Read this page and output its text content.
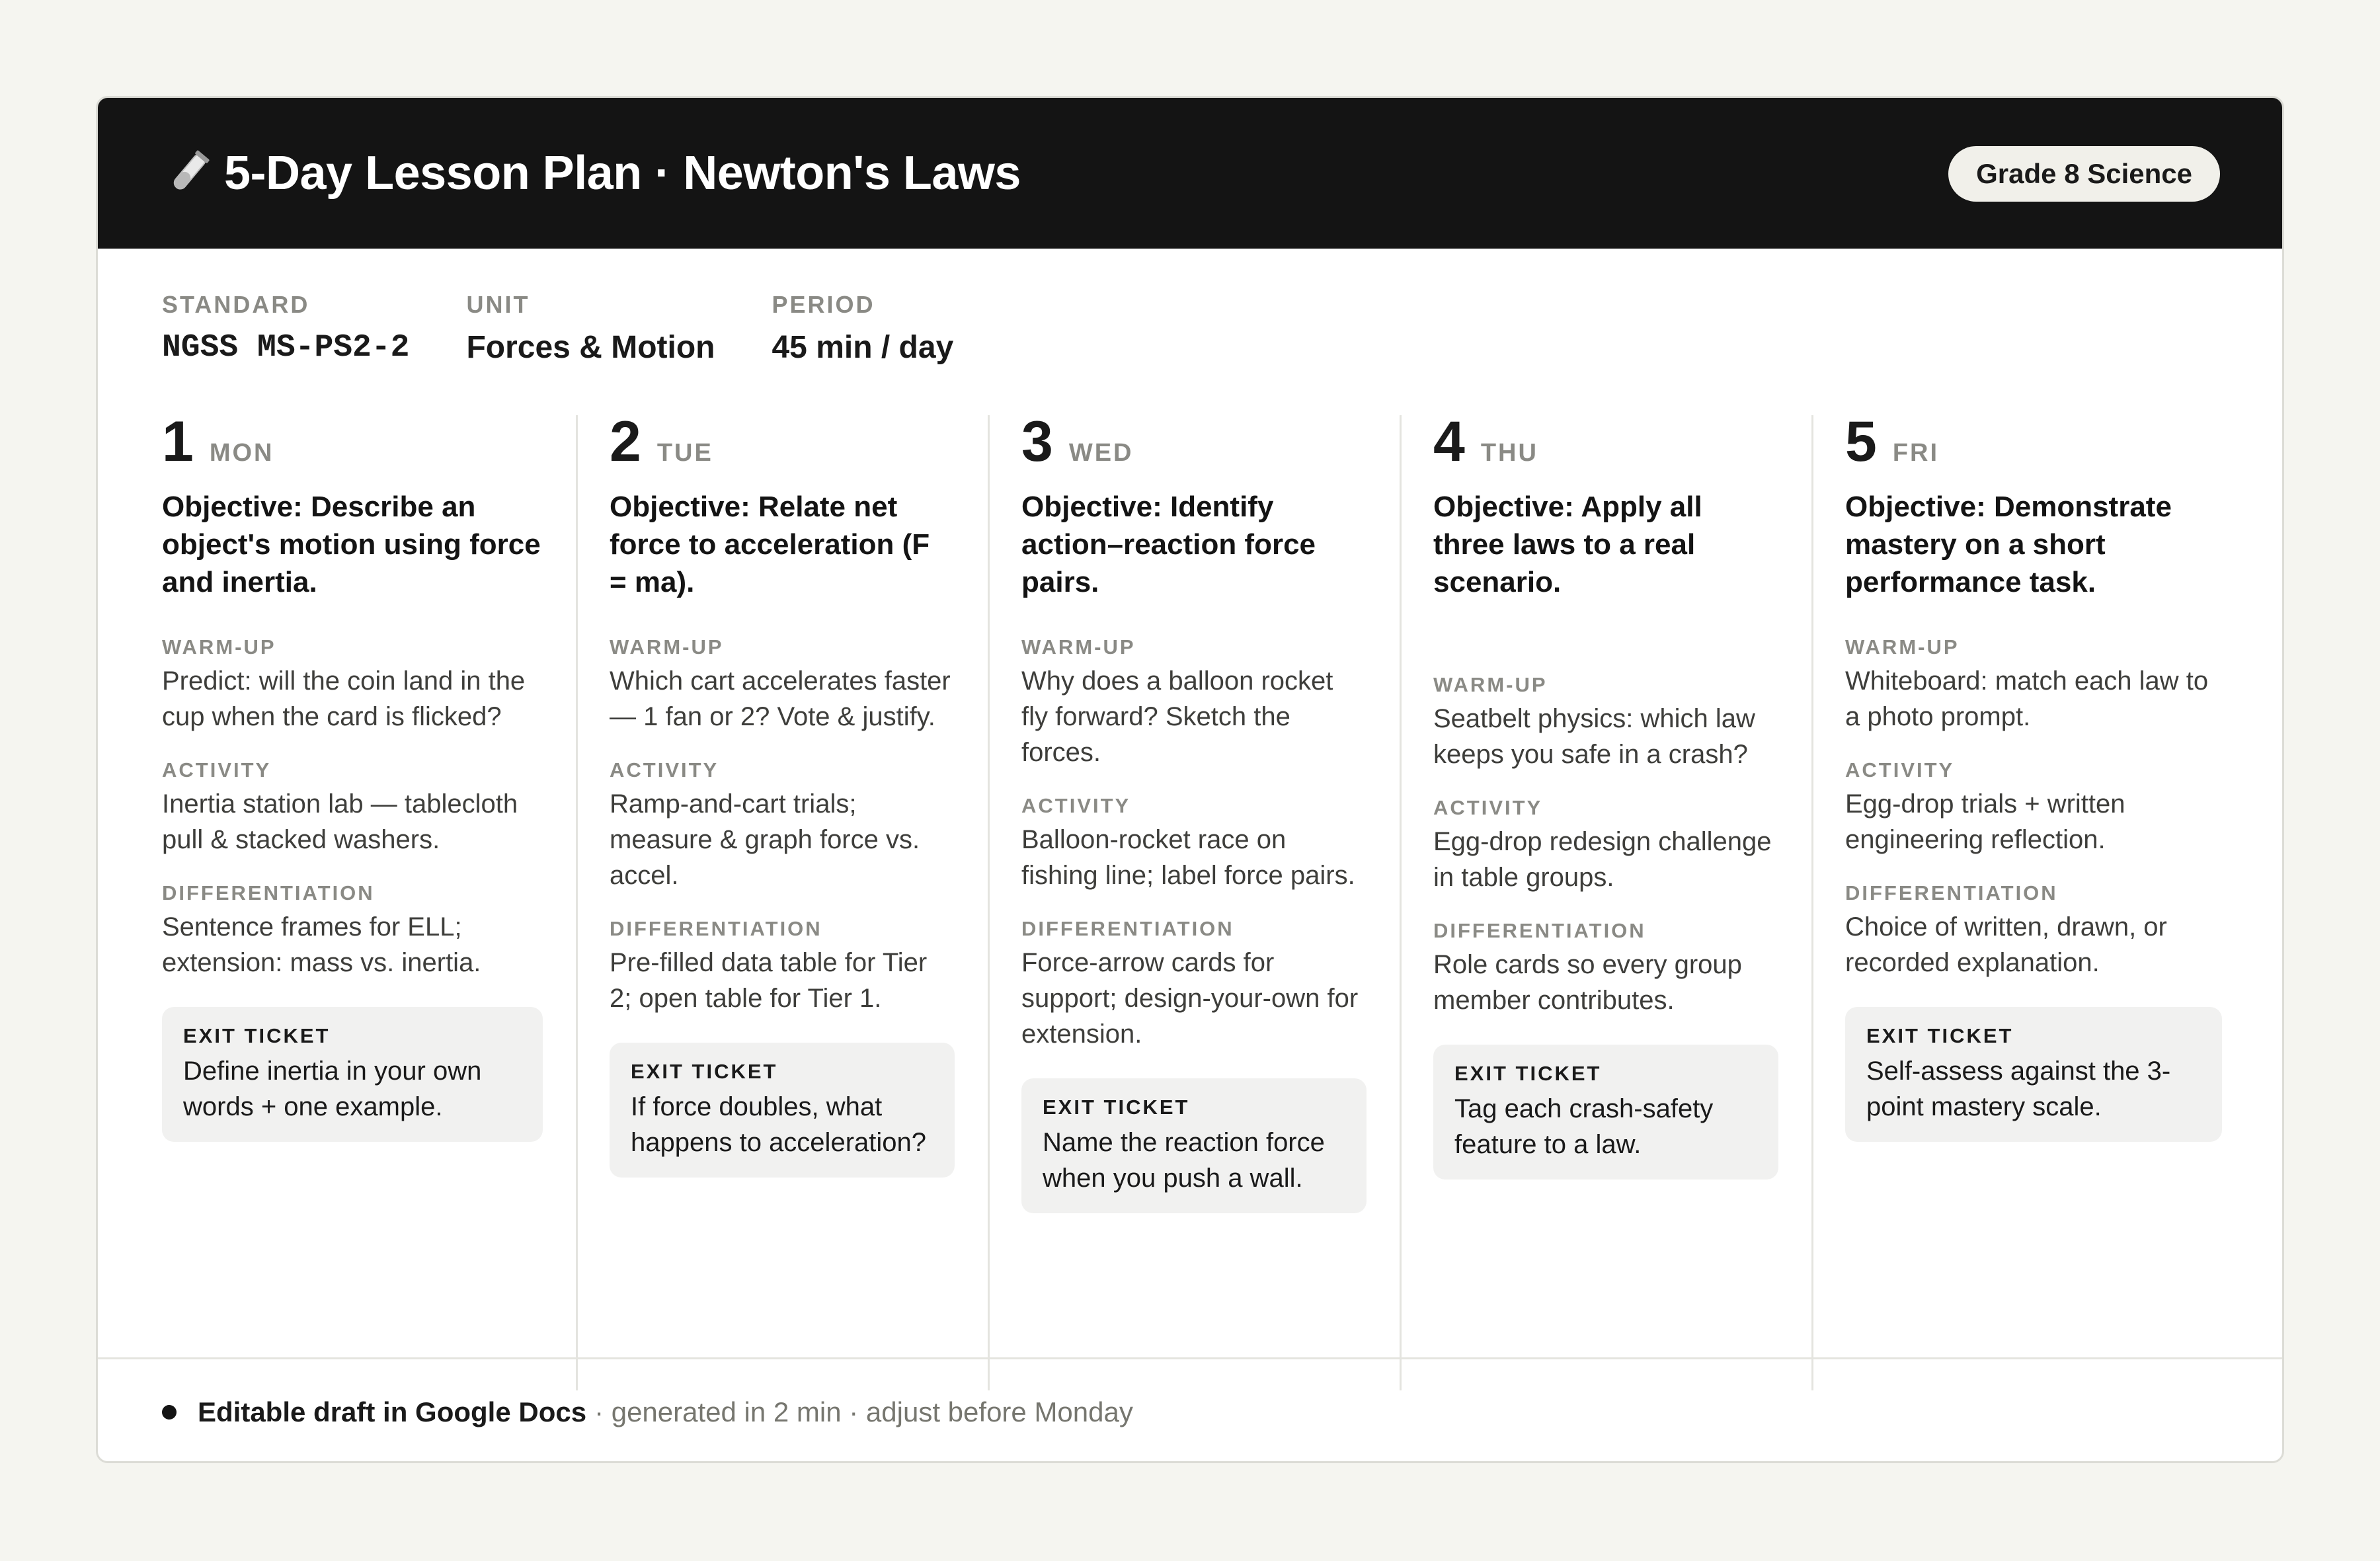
5-Day Lesson Plan · Newton's Laws	Grade 8 Science
STANDARD
NGSS MS-PS2-2
UNIT
Forces & Motion
PERIOD
45 min / day
1 MON
Objective: Describe an object's motion using force and inertia.
WARM-UP
Predict: will the coin land in the cup when the card is flicked?
ACTIVITY
Inertia station lab — tablecloth pull & stacked washers.
DIFFERENTIATION
Sentence frames for ELL; extension: mass vs. inertia.
EXIT TICKET
Define inertia in your own words + one example.
2 TUE
Objective: Relate net force to acceleration (F = ma).
WARM-UP
Which cart accelerates faster — 1 fan or 2? Vote & justify.
ACTIVITY
Ramp-and-cart trials; measure & graph force vs. accel.
DIFFERENTIATION
Pre-filled data table for Tier 2; open table for Tier 1.
EXIT TICKET
If force doubles, what happens to acceleration?
3 WED
Objective: Identify action–reaction force pairs.
WARM-UP
Why does a balloon rocket fly forward? Sketch the forces.
ACTIVITY
Balloon-rocket race on fishing line; label force pairs.
DIFFERENTIATION
Force-arrow cards for support; design-your-own for extension.
EXIT TICKET
Name the reaction force when you push a wall.
4 THU
Objective: Apply all three laws to a real scenario.
WARM-UP
Seatbelt physics: which law keeps you safe in a crash?
ACTIVITY
Egg-drop redesign challenge in table groups.
DIFFERENTIATION
Role cards so every group member contributes.
EXIT TICKET
Tag each crash-safety feature to a law.
5 FRI
Objective: Demonstrate mastery on a short performance task.
WARM-UP
Whiteboard: match each law to a photo prompt.
ACTIVITY
Egg-drop trials + written engineering reflection.
DIFFERENTIATION
Choice of written, drawn, or recorded explanation.
EXIT TICKET
Self-assess against the 3-point mastery scale.
Editable draft in Google Docs · generated in 2 min · adjust before Monday
